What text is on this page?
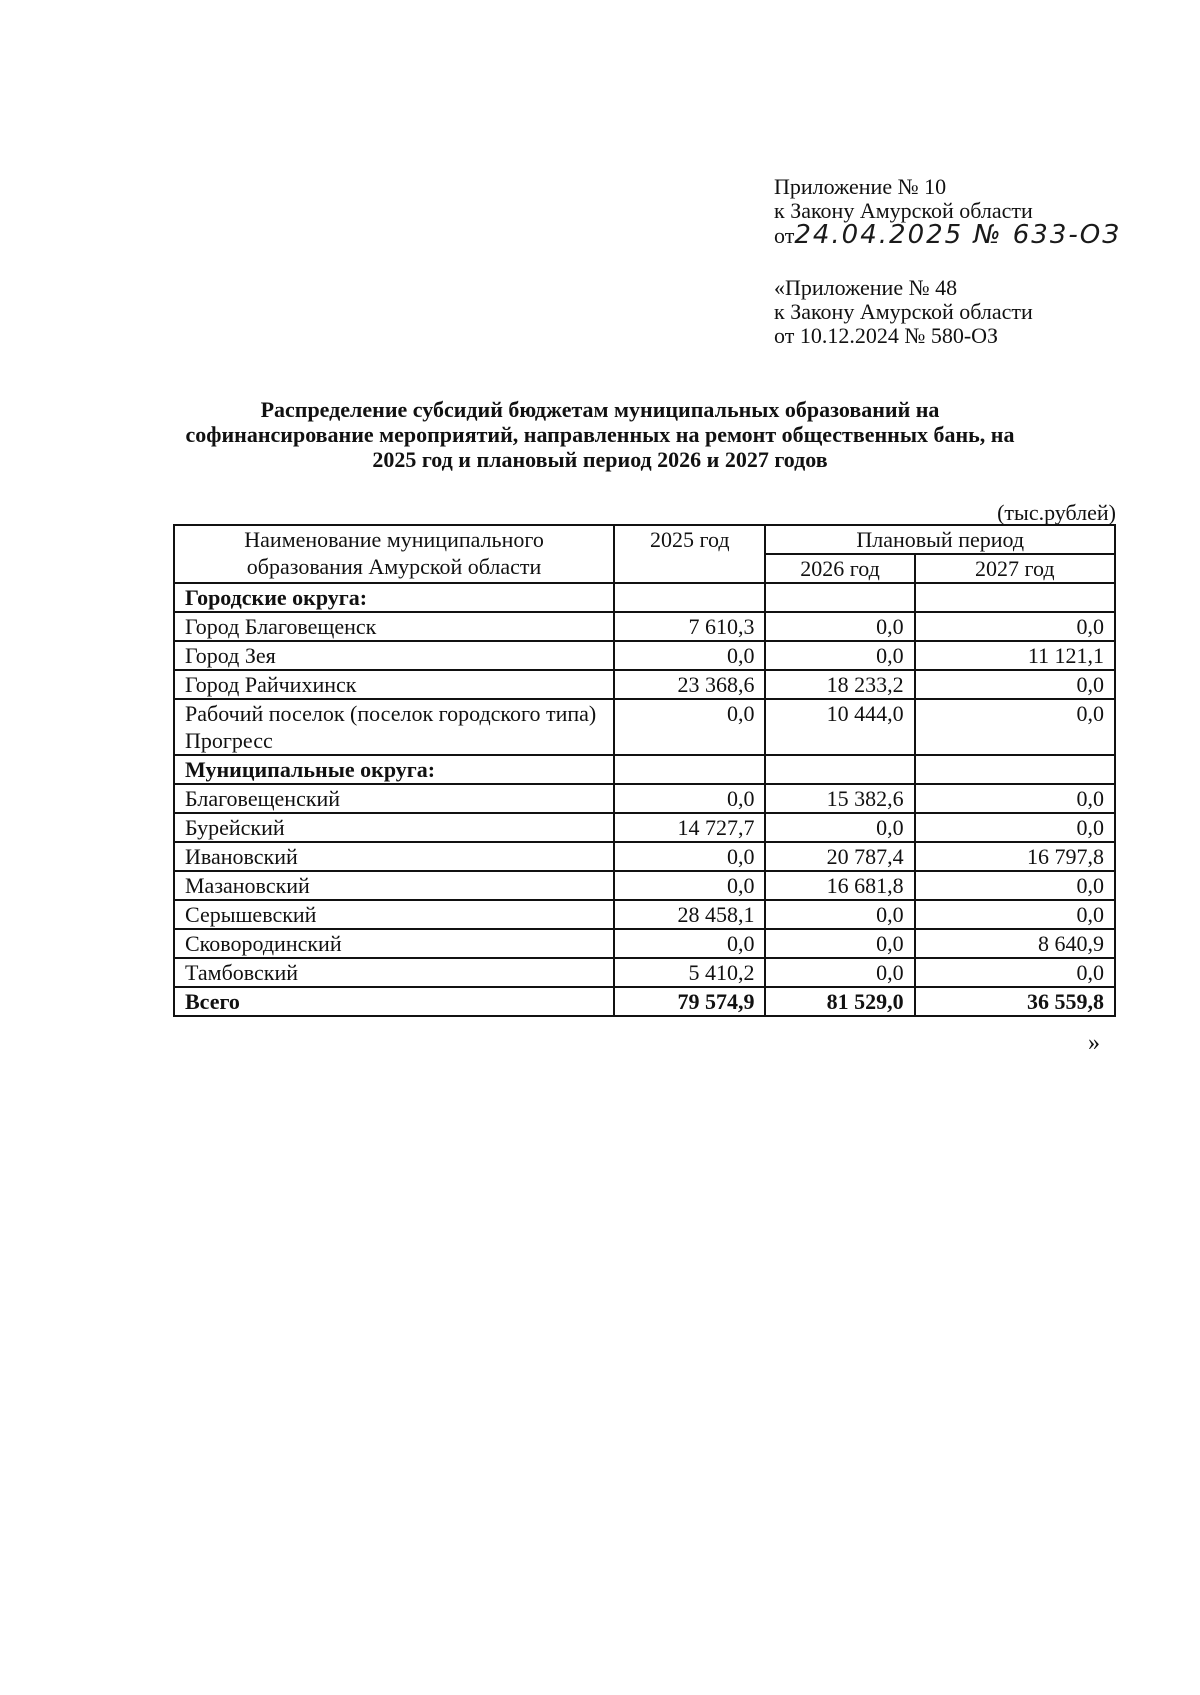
Приложение № 10
к Закону Амурской области
от24.04.2025 № 633-ОЗ
«Приложение № 48
к Закону Амурской области
от 10.12.2024 № 580-ОЗ
Распределение субсидий бюджетам муниципальных образований на
софинансирование мероприятий, направленных на ремонт общественных бань, на
2025 год и плановый период 2026 и 2027 годов
(тыс.рублей)
Наименование муниципального образования Амурской области	2025 год	Плановый период	
		2026 год	2027 год
Городские округа:			
Город Благовещенск	7 610,3	0,0	0,0
Город Зея	0,0	0,0	11 121,1
Город Райчихинск	23 368,6	18 233,2	0,0
Рабочий поселок (поселок городского типа) Прогресс	0,0	10 444,0	0,0
Муниципальные округа:			
Благовещенский	0,0	15 382,6	0,0
Бурейский	14 727,7	0,0	0,0
Ивановский	0,0	20 787,4	16 797,8
Мазановский	0,0	16 681,8	0,0
Серышевский	28 458,1	0,0	0,0
Сковородинский	0,0	0,0	8 640,9
Тамбовский	5 410,2	0,0	0,0
Всего	79 574,9	81 529,0	36 559,8
»
